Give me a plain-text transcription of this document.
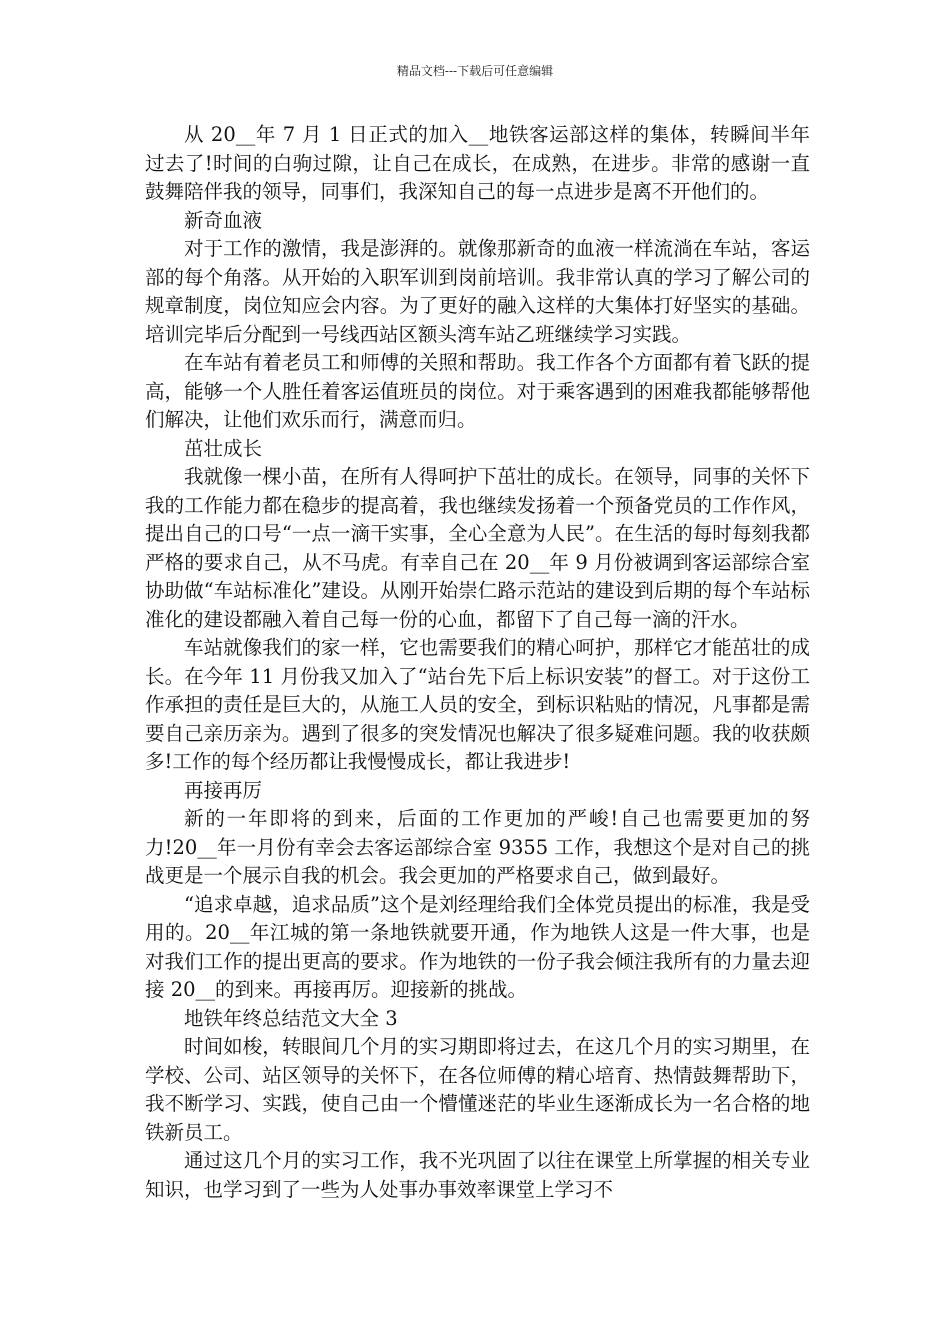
精品文档---下载后可任意编辑

从 20__年 7 月 1 日正式的加入__地铁客运部这样的集体，转瞬间半年过去了!时间的白驹过隙，让自己在成长，在成熟，在进步。非常的感谢一直鼓舞陪伴我的领导，同事们，我深知自己的每一点进步是离不开他们的。

新奇血液

对于工作的激情，我是澎湃的。就像那新奇的血液一样流淌在车站，客运部的每个角落。从开始的入职军训到岗前培训。我非常认真的学习了解公司的规章制度，岗位知应会内容。为了更好的融入这样的大集体打好坚实的基础。培训完毕后分配到一号线西站区额头湾车站乙班继续学习实践。

在车站有着老员工和师傅的关照和帮助。我工作各个方面都有着飞跃的提高，能够一个人胜任着客运值班员的岗位。对于乘客遇到的困难我都能够帮他们解决，让他们欢乐而行，满意而归。

茁壮成长

我就像一棵小苗，在所有人得呵护下茁壮的成长。在领导，同事的关怀下我的工作能力都在稳步的提高着，我也继续发扬着一个预备党员的工作作风，提出自己的口号“一点一滴干实事，全心全意为人民”。在生活的每时每刻我都严格的要求自己，从不马虎。有幸自己在 20__年 9 月份被调到客运部综合室协助做“车站标准化”建设。从刚开始崇仁路示范站的建设到后期的每个车站标准化的建设都融入着自己每一份的心血，都留下了自己每一滴的汗水。

车站就像我们的家一样，它也需要我们的精心呵护，那样它才能茁壮的成长。在今年 11 月份我又加入了“站台先下后上标识安装”的督工。对于这份工作承担的责任是巨大的，从施工人员的安全，到标识粘贴的情况，凡事都是需要自己亲历亲为。遇到了很多的突发情况也解决了很多疑难问题。我的收获颇多!工作的每个经历都让我慢慢成长，都让我进步!

再接再厉

新的一年即将的到来，后面的工作更加的严峻!自己也需要更加的努力!20__年一月份有幸会去客运部综合室 9355 工作，我想这个是对自己的挑战更是一个展示自我的机会。我会更加的严格要求自己，做到最好。

“追求卓越，追求品质”这个是刘经理给我们全体党员提出的标准，我是受用的。20__年江城的第一条地铁就要开通，作为地铁人这是一件大事，也是对我们工作的提出更高的要求。作为地铁的一份子我会倾注我所有的力量去迎接 20__的到来。再接再厉。迎接新的挑战。

地铁年终总结范文大全 3

时间如梭，转眼间几个月的实习期即将过去，在这几个月的实习期里，在学校、公司、站区领导的关怀下，在各位师傅的精心培育、热情鼓舞帮助下，我不断学习、实践，使自己由一个懵懂迷茫的毕业生逐渐成长为一名合格的地铁新员工。

通过这几个月的实习工作，我不光巩固了以往在课堂上所掌握的相关专业知识，也学习到了一些为人处事办事效率课堂上学习不
